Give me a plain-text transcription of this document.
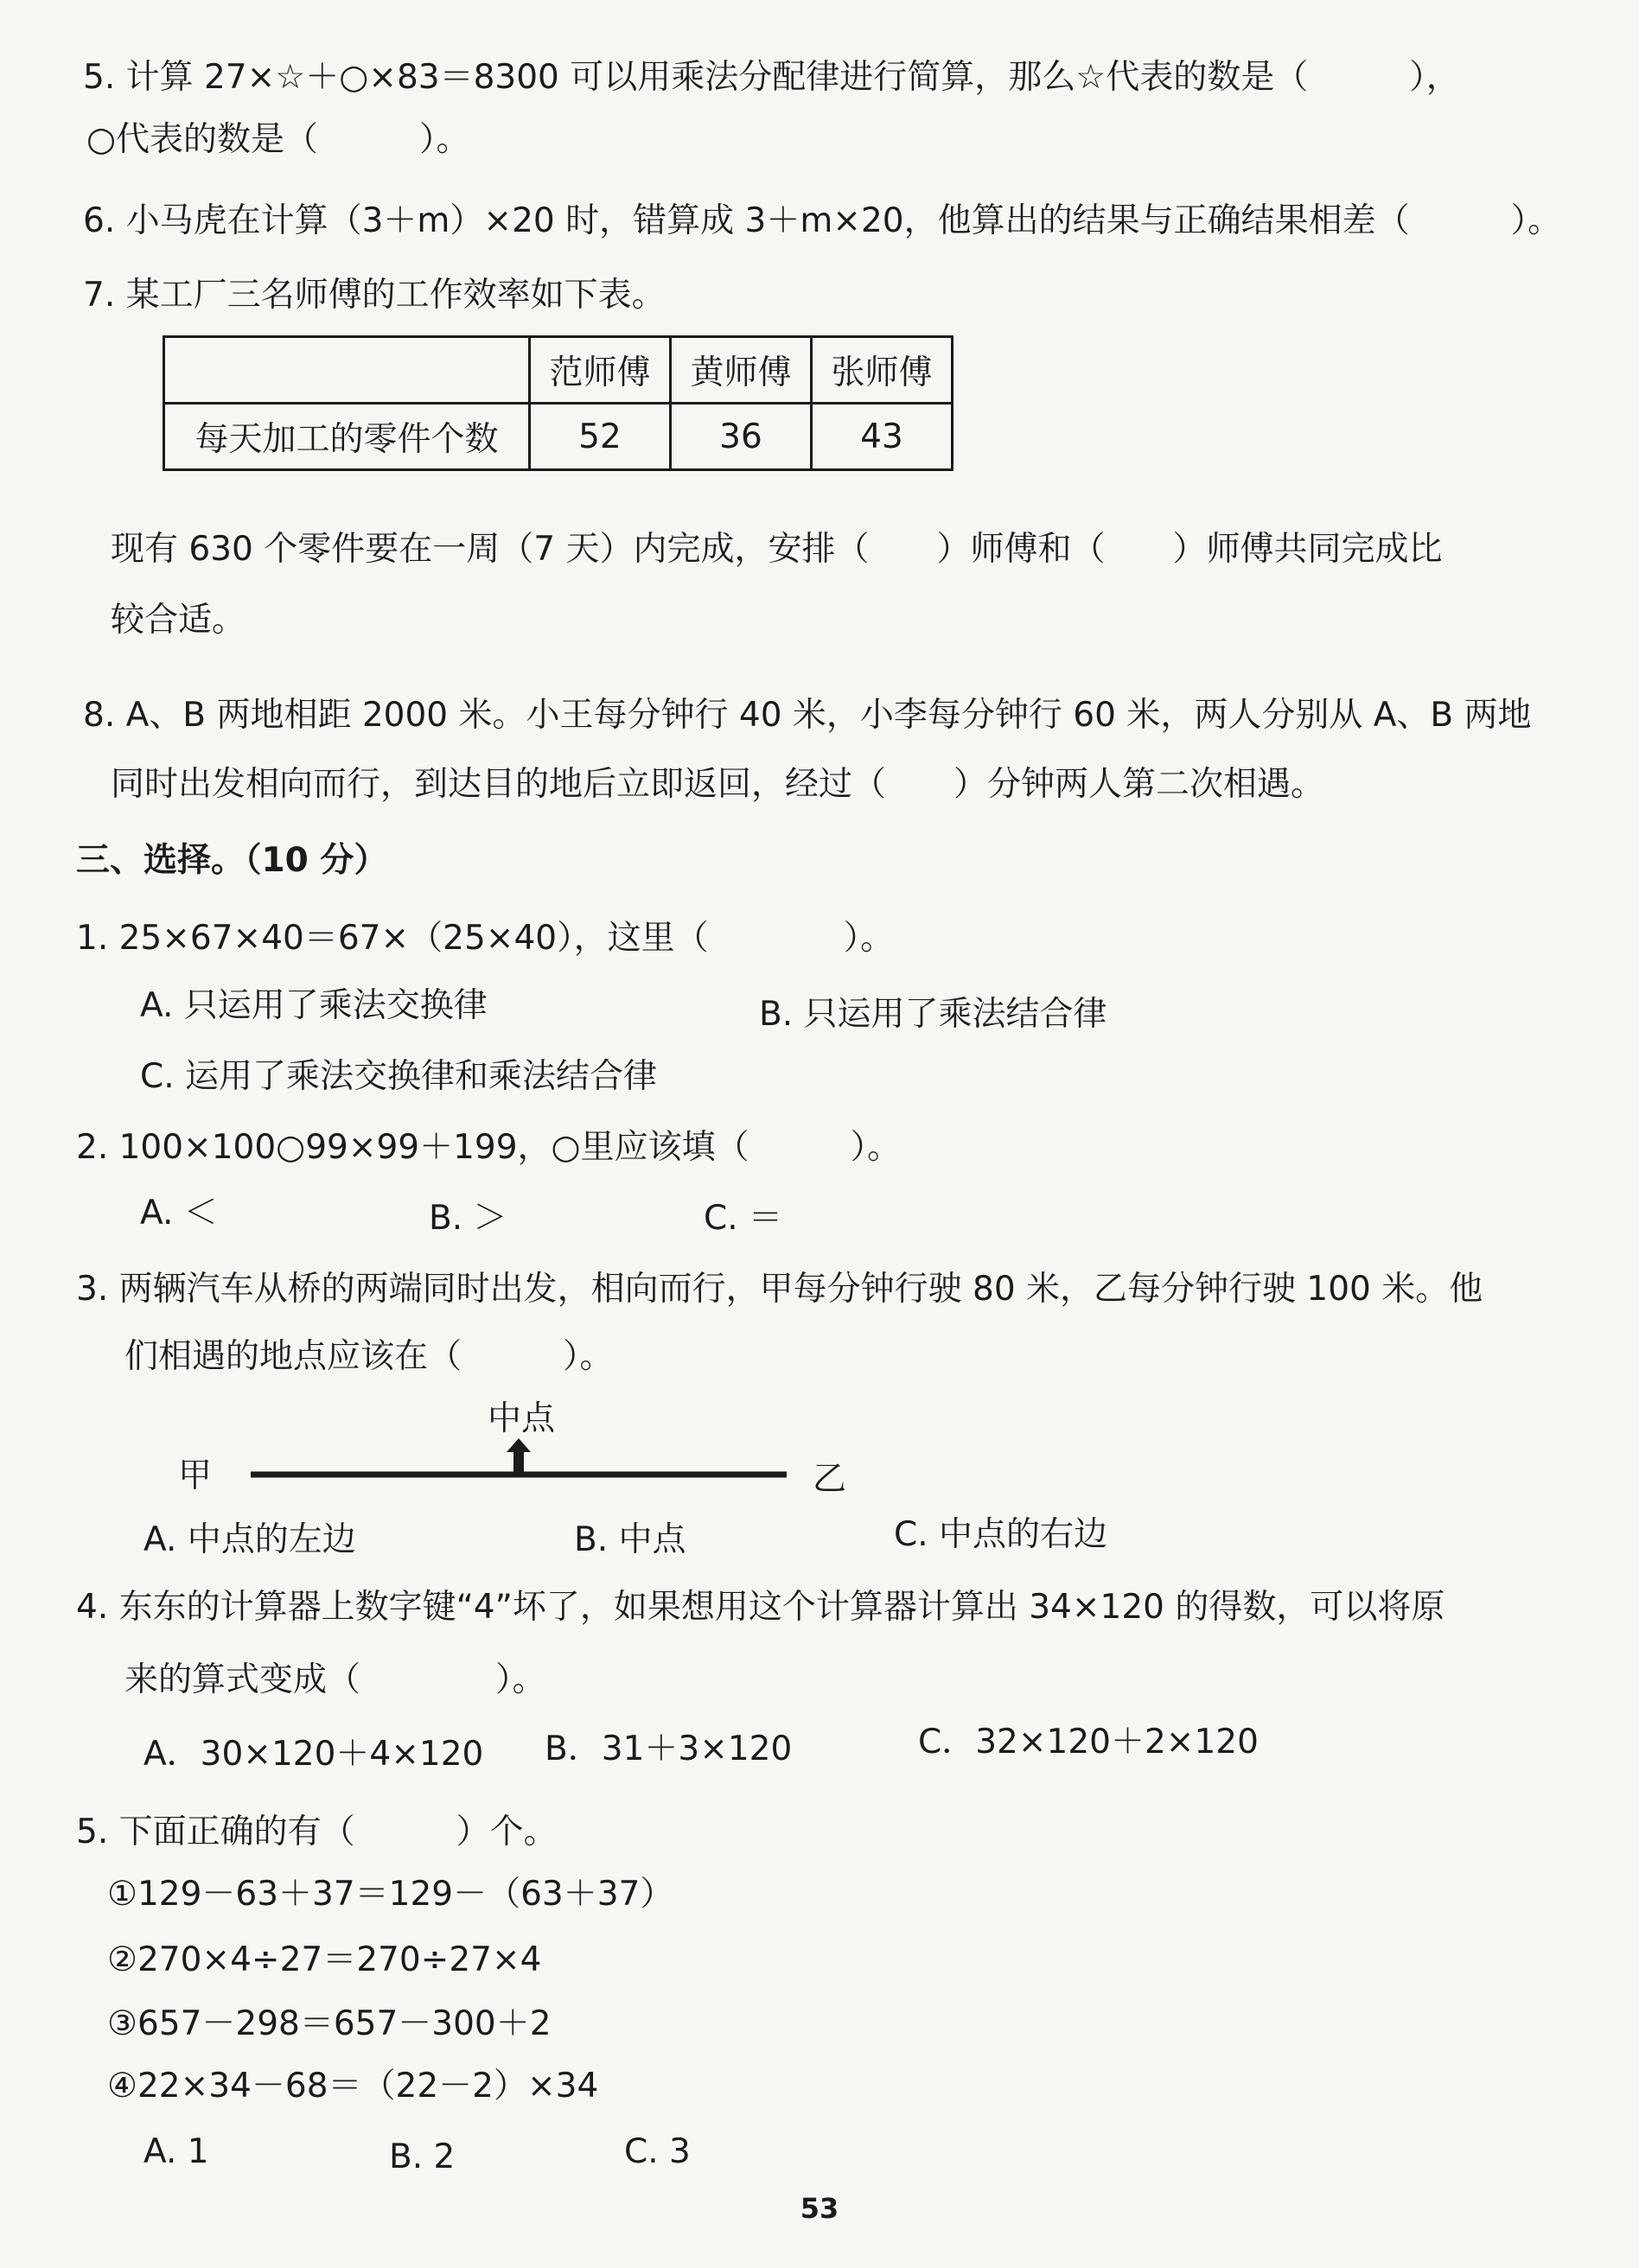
5. 计算 27×☆＋○×83＝8300 可以用乘法分配律进行简算，那么☆代表的数是（　　　），
○代表的数是（　　　）。
6. 小马虎在计算（3＋m）×20 时，错算成 3＋m×20，他算出的结果与正确结果相差（　　　）。
7. 某工厂三名师傅的工作效率如下表。
	范师傅	黄师傅	张师傅
每天加工的零件个数	52	36	43
现有 630 个零件要在一周（7 天）内完成，安排（　　）师傅和（　　）师傅共同完成比
较合适。
8. A、B 两地相距 2000 米。小王每分钟行 40 米，小李每分钟行 60 米，两人分别从 A、B 两地
同时出发相向而行，到达目的地后立即返回，经过（　　）分钟两人第二次相遇。
三、选择。（10 分）
1. 25×67×40＝67×（25×40），这里（　　　　）。
A. 只运用了乘法交换律	B. 只运用了乘法结合律
C. 运用了乘法交换律和乘法结合律
2. 100×100○99×99＋199，○里应该填（　　　）。
A. ＜	B. ＞	C. ＝
3. 两辆汽车从桥的两端同时出发，相向而行，甲每分钟行驶 80 米，乙每分钟行驶 100 米。他
们相遇的地点应该在（　　　）。
中点
甲	乙
A. 中点的左边	B. 中点	C. 中点的右边
4. 东东的计算器上数字键“4”坏了，如果想用这个计算器计算出 34×120 的得数，可以将原
来的算式变成（　　　　）。
A．30×120＋4×120 B．31＋3×120	C．32×120＋2×120
5. 下面正确的有（　　　）个。
①129－63＋37＝129－（63＋37）
②270×4÷27＝270÷27×4
③657－298＝657－300＋2
④22×34－68＝（22－2）×34
A. 1	B. 2	C. 3
53
